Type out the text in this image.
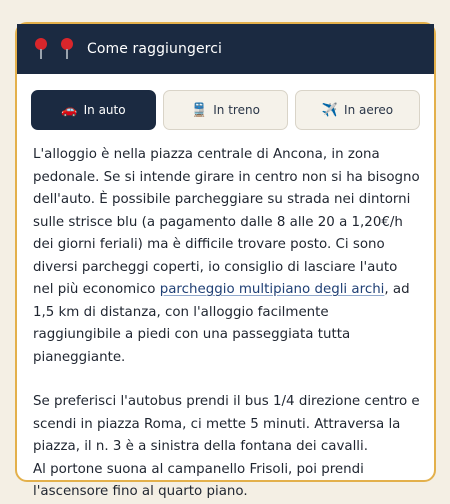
Come raggiungerci
🚗 In auto	🚆 In treno	✈️ In aereo

L'alloggio è nella piazza centrale di Ancona, in zona pedonale. Se si intende girare in centro non si ha bisogno dell'auto. È possibile parcheggiare su strada nei dintorni sulle strisce blu (a pagamento dalle 8 alle 20 a 1,20€/h dei giorni feriali) ma è difficile trovare posto. Ci sono diversi parcheggi coperti, io consiglio di lasciare l'auto nel più economico parcheggio multipiano degli archi, ad 1,5 km di distanza, con l'alloggio facilmente raggiungibile a piedi con una passeggiata tutta pianeggiante.

Se preferisci l'autobus prendi il bus 1/4 direzione centro e scendi in piazza Roma, ci mette 5 minuti. Attraversa la piazza, il n. 3 è a sinistra della fontana dei cavalli.

Al portone suona al campanello Frisoli, poi prendi l'ascensore fino al quarto piano.
